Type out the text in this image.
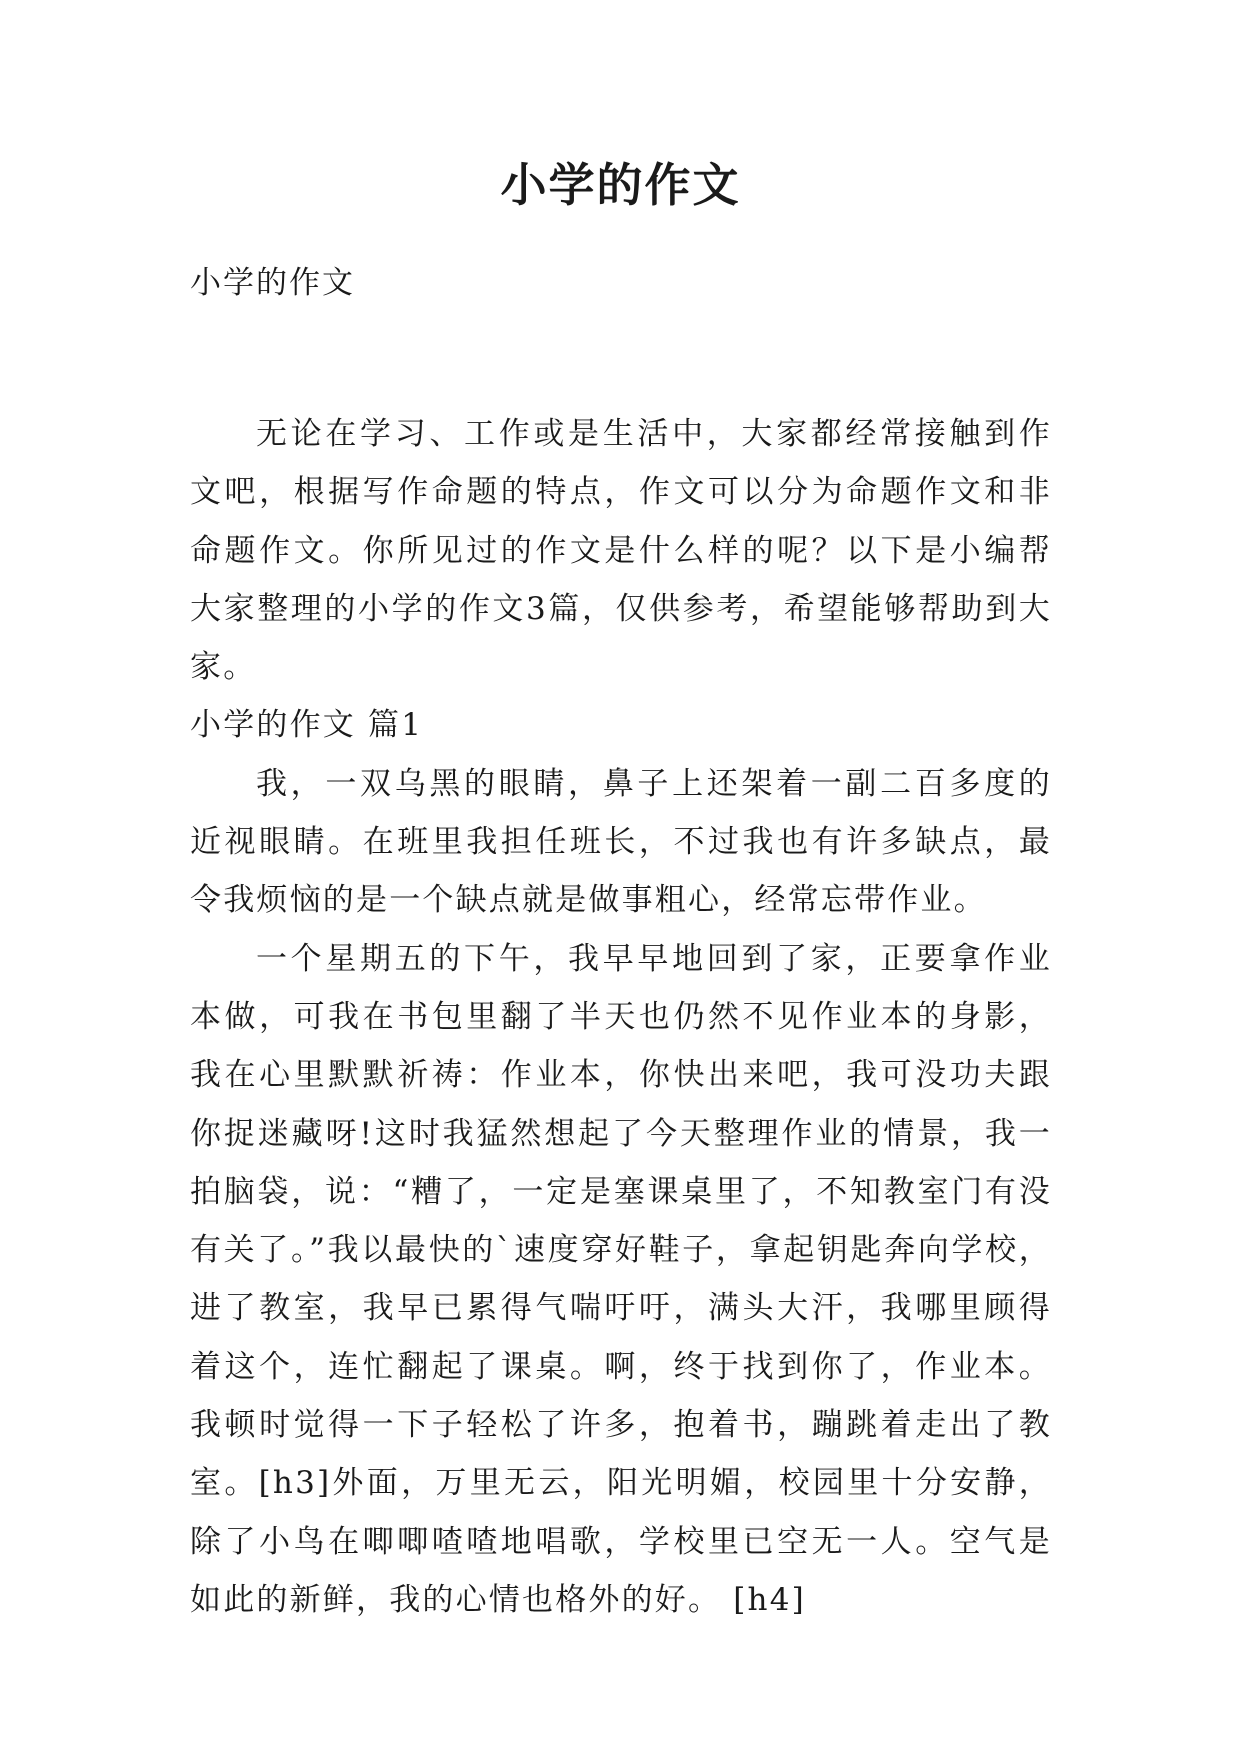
小学的作文

小学的作文

无论在学习、工作或是生活中，大家都经常接触到作文吧，根据写作命题的特点，作文可以分为命题作文和非命题作文。你所见过的作文是什么样的呢？以下是小编帮大家整理的小学的作文3篇，仅供参考，希望能够帮助到大家。

小学的作文 篇1

我，一双乌黑的眼睛，鼻子上还架着一副二百多度的近视眼睛。在班里我担任班长，不过我也有许多缺点，最令我烦恼的是一个缺点就是做事粗心，经常忘带作业。

一个星期五的下午，我早早地回到了家，正要拿作业本做，可我在书包里翻了半天也仍然不见作业本的身影，我在心里默默祈祷：作业本，你快出来吧，我可没功夫跟你捉迷藏呀!这时我猛然想起了今天整理作业的情景，我一拍脑袋，说：“糟了，一定是塞课桌里了，不知教室门有没有关了。”我以最快的`速度穿好鞋子，拿起钥匙奔向学校，进了教室，我早已累得气喘吁吁，满头大汗，我哪里顾得着这个，连忙翻起了课桌。啊，终于找到你了，作业本。我顿时觉得一下子轻松了许多，抱着书，蹦跳着走出了教室。[h3]外面，万里无云，阳光明媚，校园里十分安静，除了小鸟在唧唧喳喳地唱歌，学校里已空无一人。空气是如此的新鲜，我的心情也格外的好。 [h4]
